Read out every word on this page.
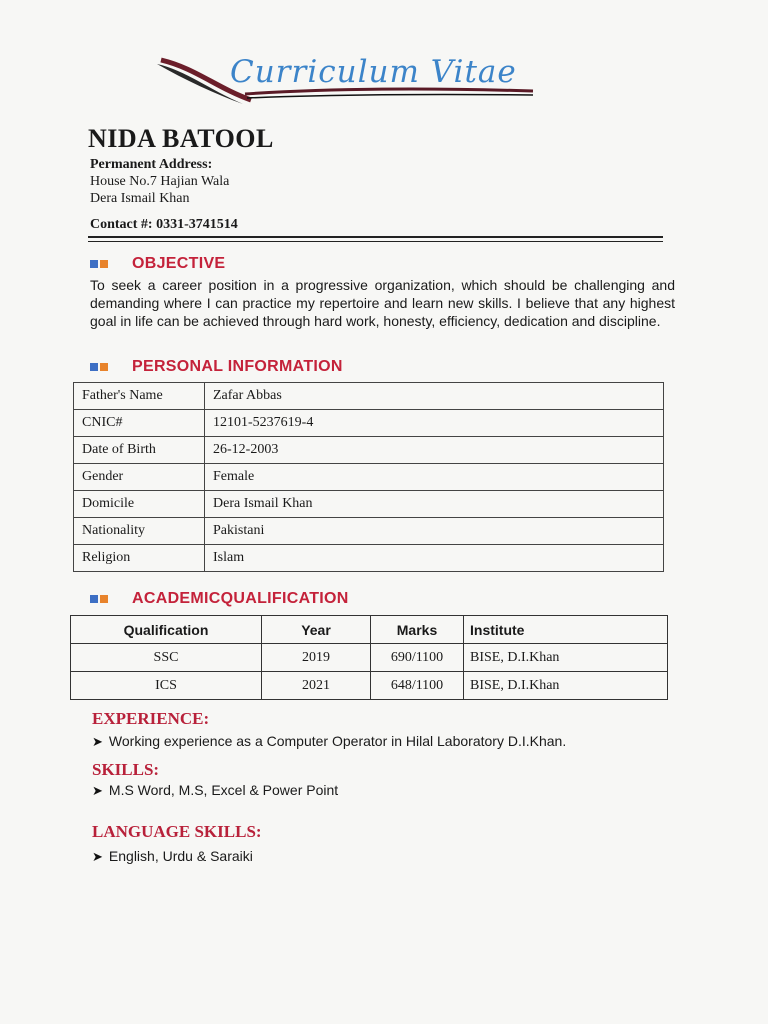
Curriculum Vitae
NIDA BATOOL
Permanent Address:
House No.7 Hajian Wala
Dera Ismail Khan
Contact #: 0331-3741514
OBJECTIVE
To seek a career position in a progressive organization, which should be challenging and demanding where I can practice my repertoire and learn new skills. I believe that any highest goal in life can be achieved through hard work, honesty, efficiency, dedication and discipline.
PERSONAL INFORMATION
Father's Name	Zafar Abbas
CNIC#	12101-5237619-4
Date of Birth	26-12-2003
Gender	Female
Domicile	Dera Ismail Khan
Nationality	Pakistani
Religion	Islam
ACADEMICQUALIFICATION
Qualification	Year	Marks	Institute
SSC	2019	690/1100	BISE, D.I.Khan
ICS	2021	648/1100	BISE, D.I.Khan
EXPERIENCE:
➤ Working experience as a Computer Operator in Hilal Laboratory D.I.Khan.
SKILLS:
➤ M.S Word, M.S, Excel & Power Point
LANGUAGE SKILLS:
➤ English, Urdu & Saraiki
